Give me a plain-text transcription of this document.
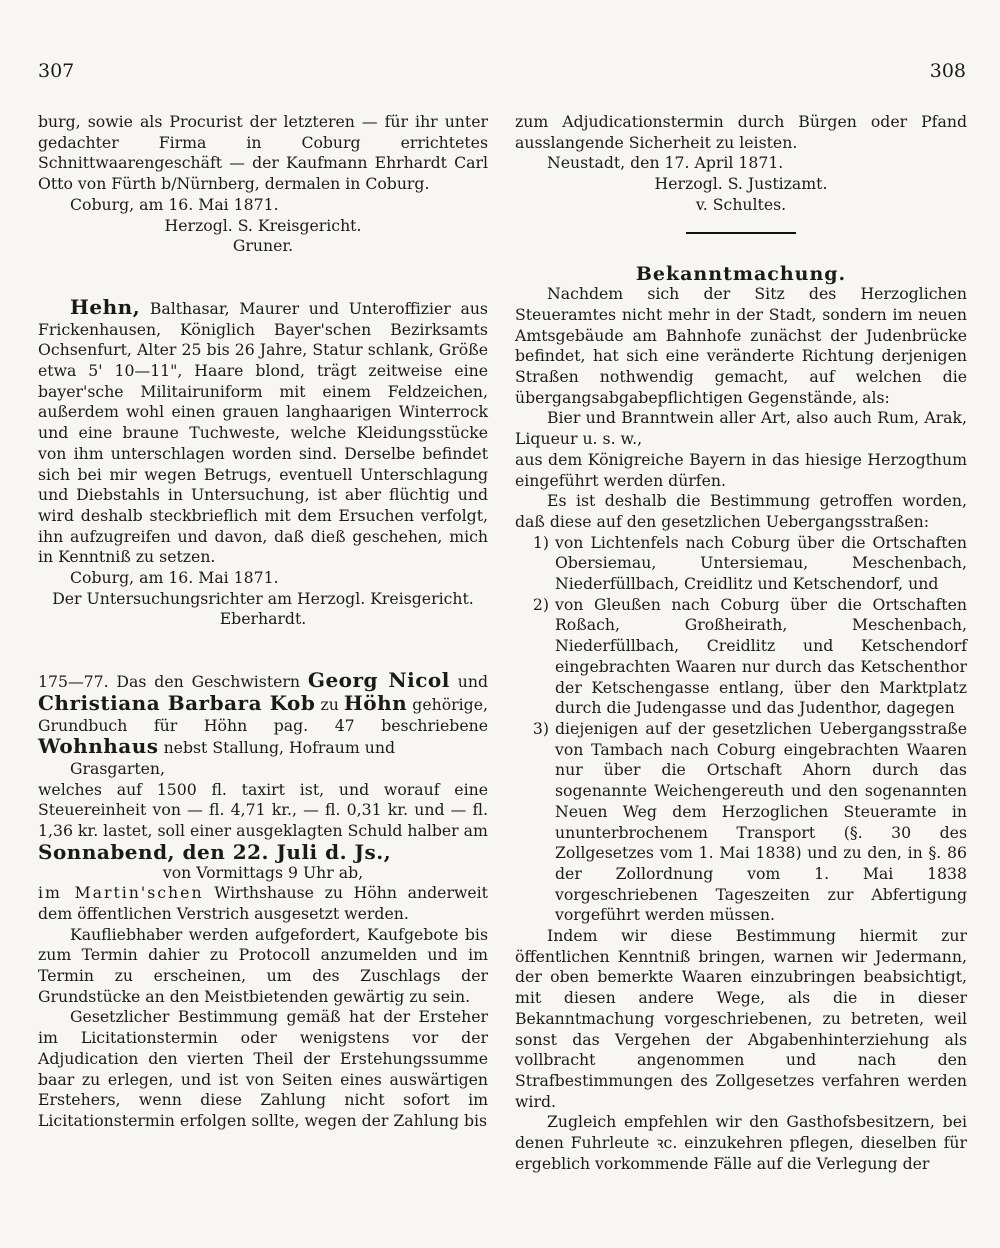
307	308

burg, sowie als Procurist der letzteren — für ihr unter gedachter Firma in Coburg errichtetes Schnittwaarengeschäft — der Kaufmann Ehrhardt Carl Otto von Fürth b/Nürnberg, dermalen in Coburg.

Coburg, am 16. Mai 1871.

Herzogl. S. Kreisgericht.

Gruner.

Hehn, Balthasar, Maurer und Unteroffizier aus Frickenhausen, Königlich Bayer'schen Bezirksamts Ochsenfurt, Alter 25 bis 26 Jahre, Statur schlank, Größe etwa 5' 10—11", Haare blond, trägt zeitweise eine bayer'sche Militairuniform mit einem Feldzeichen, außerdem wohl einen grauen langhaarigen Winterrock und eine braune Tuchweste, welche Kleidungsstücke von ihm unterschlagen worden sind. Derselbe befindet sich bei mir wegen Betrugs, eventuell Unterschlagung und Diebstahls in Untersuchung, ist aber flüchtig und wird deshalb steckbrieflich mit dem Ersuchen verfolgt, ihn aufzugreifen und davon, daß dieß geschehen, mich in Kenntniß zu setzen.

Coburg, am 16. Mai 1871.

Der Untersuchungsrichter am Herzogl. Kreisgericht.

Eberhardt.

175—77. Das den Geschwistern Georg Nicol und Christiana Barbara Kob zu Höhn gehörige, Grundbuch für Höhn pag. 47 beschriebene Wohnhaus nebst Stallung, Hofraum und

Grasgarten,

welches auf 1500 fl. taxirt ist, und worauf eine Steuereinheit von — fl. 4,71 kr., — fl. 0,31 kr. und — fl. 1,36 kr. lastet, soll einer ausgeklagten Schuld halber am

Sonnabend, den 22. Juli d. Js.,

von Vormittags 9 Uhr ab,

im Martin'schen Wirthshause zu Höhn anderweit dem öffentlichen Verstrich ausgesetzt werden.

Kaufliebhaber werden aufgefordert, Kaufgebote bis zum Termin dahier zu Protocoll anzumelden und im Termin zu erscheinen, um des Zuschlags der Grundstücke an den Meistbietenden gewärtig zu sein.

Gesetzlicher Bestimmung gemäß hat der Ersteher im Licitationstermin oder wenigstens vor der Adjudication den vierten Theil der Erstehungssumme baar zu erlegen, und ist von Seiten eines auswärtigen Erstehers, wenn diese Zahlung nicht sofort im Licitationstermin erfolgen sollte, wegen der Zahlung bis

zum Adjudicationstermin durch Bürgen oder Pfand ausslangende Sicherheit zu leisten.

Neustadt, den 17. April 1871.

Herzogl. S. Justizamt.

v. Schultes.

Bekanntmachung.

Nachdem sich der Sitz des Herzoglichen Steueramtes nicht mehr in der Stadt, sondern im neuen Amtsgebäude am Bahnhofe zunächst der Judenbrücke befindet, hat sich eine veränderte Richtung derjenigen Straßen nothwendig gemacht, auf welchen die übergangsabgabepflichtigen Gegenstände, als:

Bier und Branntwein aller Art, also auch Rum, Arak, Liqueur u. s. w.,

aus dem Königreiche Bayern in das hiesige Herzogthum eingeführt werden dürfen.

Es ist deshalb die Bestimmung getroffen worden, daß diese auf den gesetzlichen Uebergangsstraßen:

1) von Lichtenfels nach Coburg über die Ortschaften Obersiemau, Untersiemau, Meschenbach, Niederfüllbach, Creidlitz und Ketschendorf, und
2) von Gleußen nach Coburg über die Ortschaften Roßach, Großheirath, Meschenbach, Niederfüllbach, Creidlitz und Ketschendorf eingebrachten Waaren nur durch das Ketschenthor der Ketschengasse entlang, über den Marktplatz durch die Judengasse und das Judenthor, dagegen
3) diejenigen auf der gesetzlichen Uebergangsstraße von Tambach nach Coburg eingebrachten Waaren nur über die Ortschaft Ahorn durch das sogenannte Weichengereuth und den sogenannten Neuen Weg dem Herzoglichen Steueramte in ununterbrochenem Transport (§. 30 des Zollgesetzes vom 1. Mai 1838) und zu den, in §. 86 der Zollordnung vom 1. Mai 1838 vorgeschriebenen Tageszeiten zur Abfertigung vorgeführt werden müssen.

Indem wir diese Bestimmung hiermit zur öffentlichen Kenntniß bringen, warnen wir Jedermann, der oben bemerkte Waaren einzubringen beabsichtigt, mit diesen andere Wege, als die in dieser Bekanntmachung vorgeschriebenen, zu betreten, weil sonst das Vergehen der Abgabenhinterziehung als vollbracht angenommen und nach den Strafbestimmungen des Zollgesetzes verfahren werden wird.

Zugleich empfehlen wir den Gasthofsbesitzern, bei denen Fuhrleute ꝛc. einzukehren pflegen, dieselben für ergeblich vorkommende Fälle auf die Verlegung der
